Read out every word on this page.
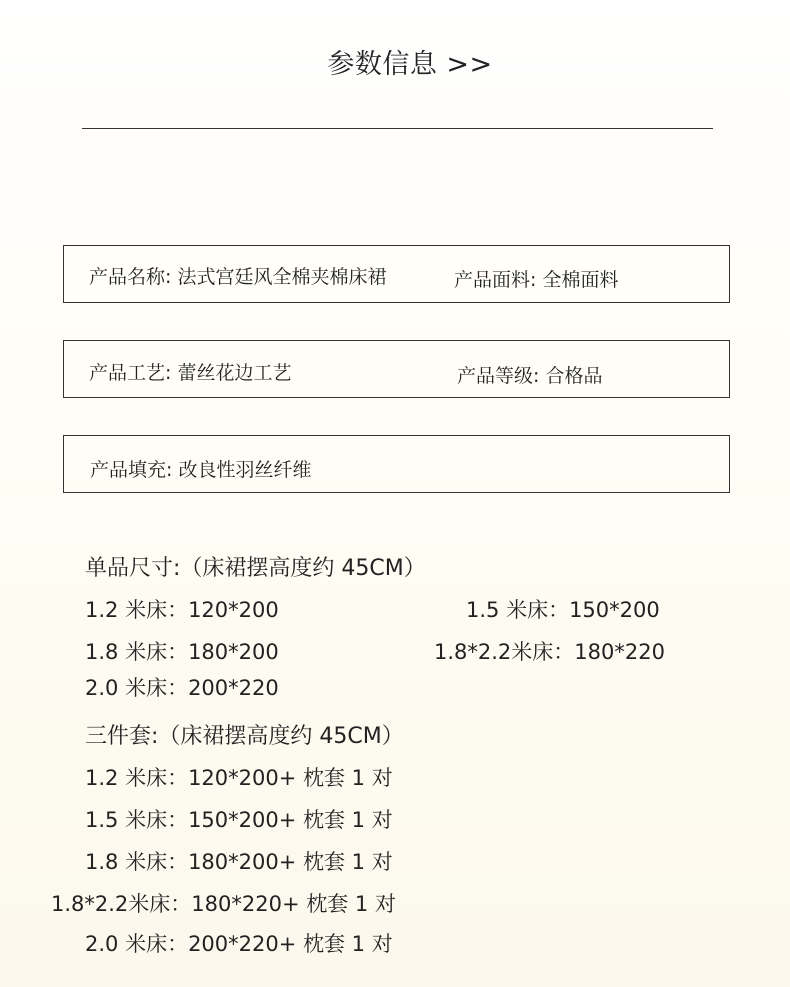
参数信息 >>
产品名称: 法式宫廷风全棉夹棉床裙	产品面料: 全棉面料
产品工艺: 蕾丝花边工艺	产品等级: 合格品
产品填充: 改良性羽丝纤维
单品尺寸:（床裙摆高度约 45CM）
1.2 米床：120*200	1.5 米床：150*200
1.8 米床：180*200	1.8*2.2米床：180*220
2.0 米床：200*220
三件套:（床裙摆高度约 45CM）
1.2 米床：120*200+ 枕套 1 对
1.5 米床：150*200+ 枕套 1 对
1.8 米床：180*200+ 枕套 1 对
1.8*2.2米床：180*220+ 枕套 1 对
2.0 米床：200*220+ 枕套 1 对
